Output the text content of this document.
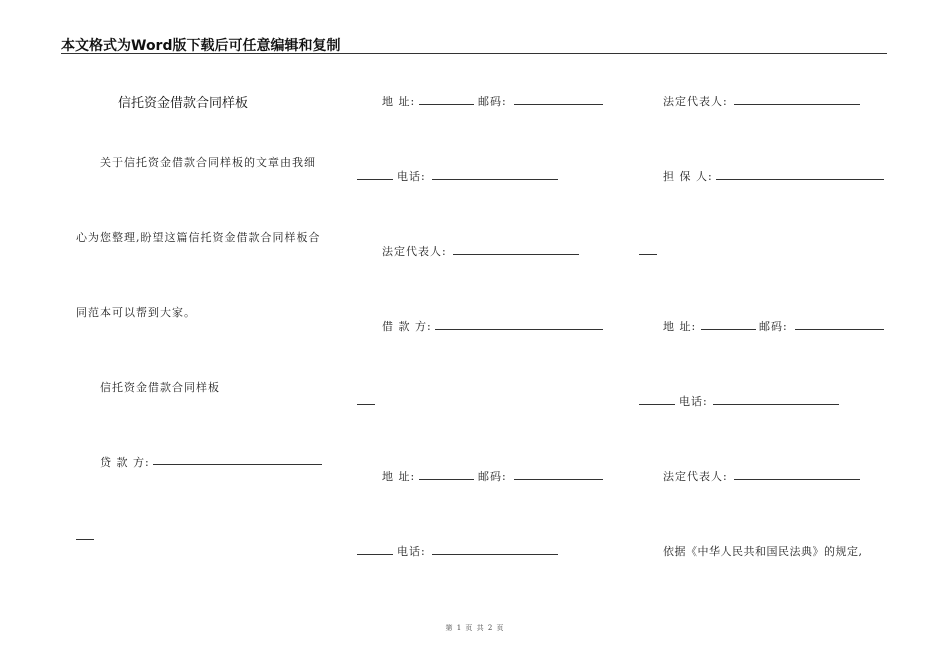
本文格式为Word版下载后可任意编辑和复制
信托资金借款合同样板
关于信托资金借款合同样板的文章由我细
心为您整理,盼望这篇信托资金借款合同样板合
同范本可以帮到大家。
信托资金借款合同样板
贷 款 方:
地 址:	邮码:
电话:
法定代表人:
借 款 方:
地 址:	邮码:
电话:
法定代表人:
担 保 人:
地 址:	邮码:
电话:
法定代表人:
依据《中华人民共和国民法典》的规定,
第 1 页 共 2 页
